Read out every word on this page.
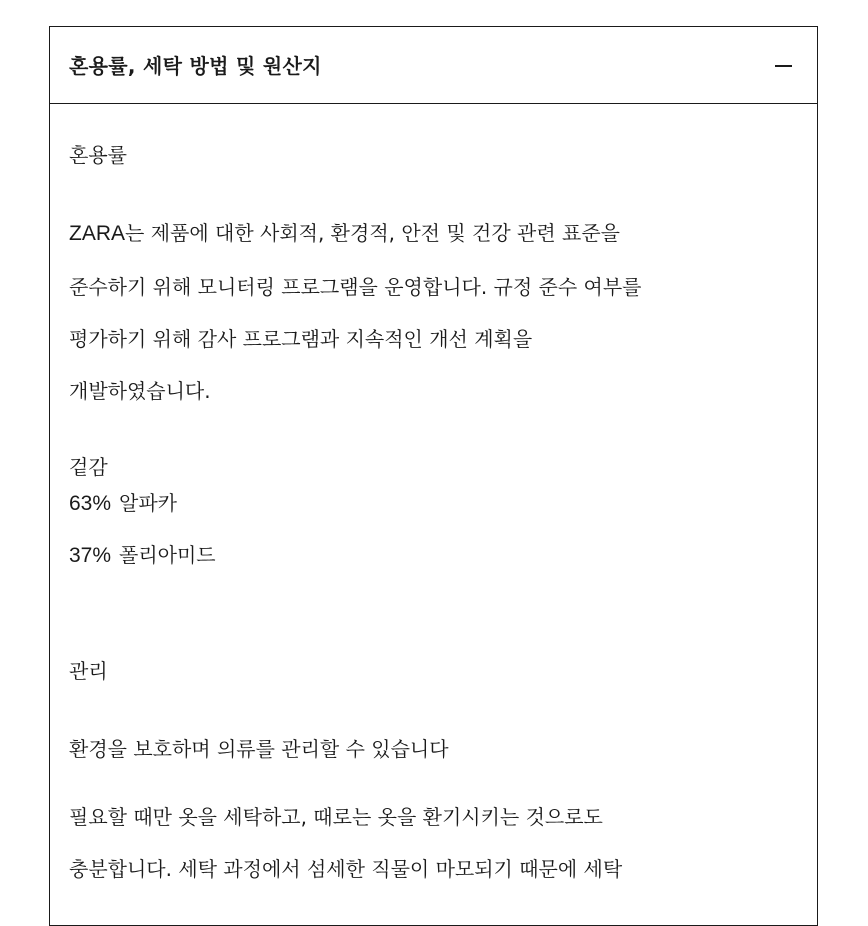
혼용률, 세탁 방법 및 원산지
혼용률
ZARA는 제품에 대한 사회적, 환경적, 안전 및 건강 관련 표준을
준수하기 위해 모니터링 프로그램을 운영합니다. 규정 준수 여부를
평가하기 위해 감사 프로그램과 지속적인 개선 계획을
개발하였습니다.
겉감
63% 알파카
37% 폴리아미드
관리
환경을 보호하며 의류를 관리할 수 있습니다
필요할 때만 옷을 세탁하고, 때로는 옷을 환기시키는 것으로도
충분합니다. 세탁 과정에서 섬세한 직물이 마모되기 때문에 세탁
